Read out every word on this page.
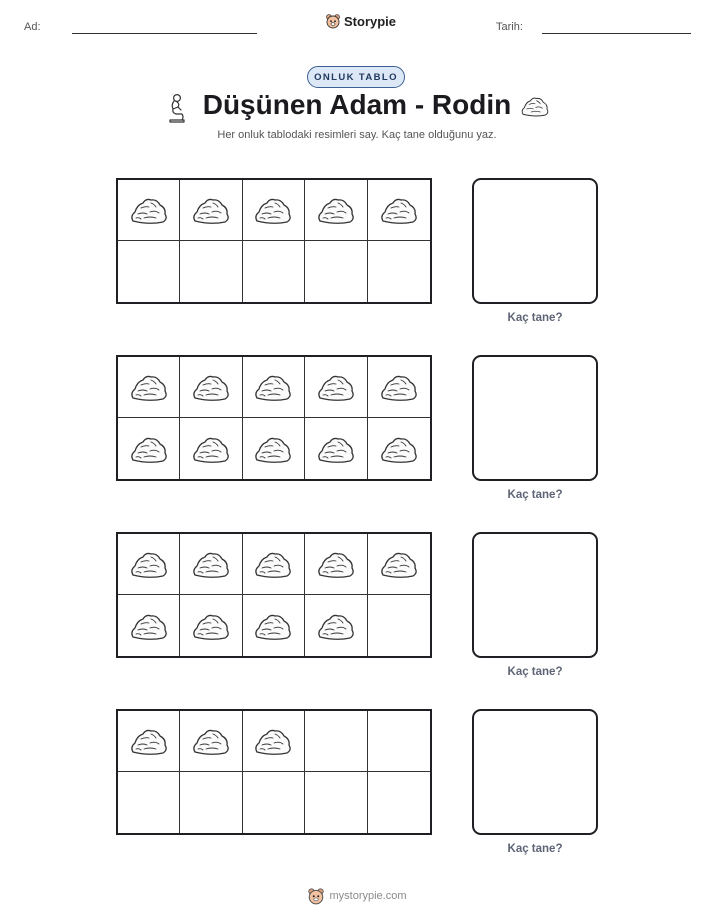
Ad:	Storypie	Tarih:
ONLUK TABLO
Düşünen Adam - Rodin
Her onluk tablodaki resimleri say. Kaç tane olduğunu yaz.
Kaç tane?
Kaç tane?
Kaç tane?
Kaç tane?
mystorypie.com
